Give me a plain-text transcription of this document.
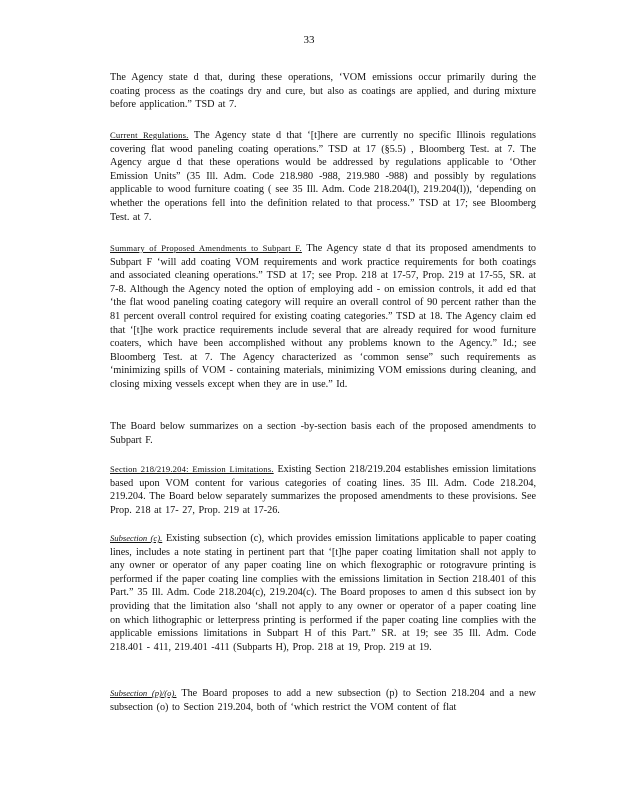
33

The Agency state d that, during these operations, ‘VOM emissions occur primarily during the coating process as the coatings dry and cure, but also as coatings are applied, and during mixture before application.” TSD at 7.

Current Regulations. The Agency state d that ‘[t]here are currently no specific Illinois regulations covering flat wood paneling coating operations.” TSD at 17 (§5.5) , Bloomberg Test. at 7. The Agency argue d that these operations would be addressed by regulations applicable to ‘Other Emission Units” (35 Ill. Adm. Code 218.980 -988, 219.980 -988) and possibly by regulations applicable to wood furniture coating ( see 35 Ill. Adm. Code 218.204(l), 219.204(l)), ‘depending on whether the operations fell into the definition related to that process.” TSD at 17; see Bloomberg Test. at 7.

Summary of Proposed Amendments to Subpart F. The Agency state d that its proposed amendments to Subpart F ‘will add coating VOM requirements and work practice requirements for both coatings and associated cleaning operations.” TSD at 17; see Prop. 218 at 17-57, Prop. 219 at 17-55, SR. at 7-8. Although the Agency noted the option of employing add - on emission controls, it add ed that ‘the flat wood paneling coating category will require an overall control of 90 percent rather than the 81 percent overall control required for existing coating categories.” TSD at 18. The Agency claim ed that ‘[t]he work practice requirements include several that are already required for wood furniture coaters, which have been accomplished without any problems known to the Agency.” Id.; see Bloomberg Test. at 7. The Agency characterized as ‘common sense” such requirements as ‘minimizing spills of VOM - containing materials, minimizing VOM emissions during cleaning, and closing mixing vessels except when they are in use.” Id.

The Board below summarizes on a section -by-section basis each of the proposed amendments to Subpart F.

Section 218/219.204: Emission Limitations. Existing Section 218/219.204 establishes emission limitations based upon VOM content for various categories of coating lines. 35 Ill. Adm. Code 218.204, 219.204. The Board below separately summarizes the proposed amendments to these provisions. See Prop. 218 at 17- 27, Prop. 219 at 17-26.

Subsection (c). Existing subsection (c), which provides emission limitations applicable to paper coating lines, includes a note stating in pertinent part that ‘[t]he paper coating limitation shall not apply to any owner or operator of any paper coating line on which flexographic or rotogravure printing is performed if the paper coating line complies with the emissions limitation in Section 218.401 of this Part.” 35 Ill. Adm. Code 218.204(c), 219.204(c). The Board proposes to amen d this subsect ion by providing that the limitation also ‘shall not apply to any owner or operator of a paper coating line on which lithographic or letterpress printing is performed if the paper coating line complies with the applicable emissions limitations in Subpart H of this Part.” SR. at 19; see 35 Ill. Adm. Code 218.401 - 411, 219.401 -411 (Subparts H), Prop. 218 at 19, Prop. 219 at 19.

Subsection (p)/(o). The Board proposes to add a new subsection (p) to Section 218.204 and a new subsection (o) to Section 219.204, both of ‘which restrict the VOM content of flat
